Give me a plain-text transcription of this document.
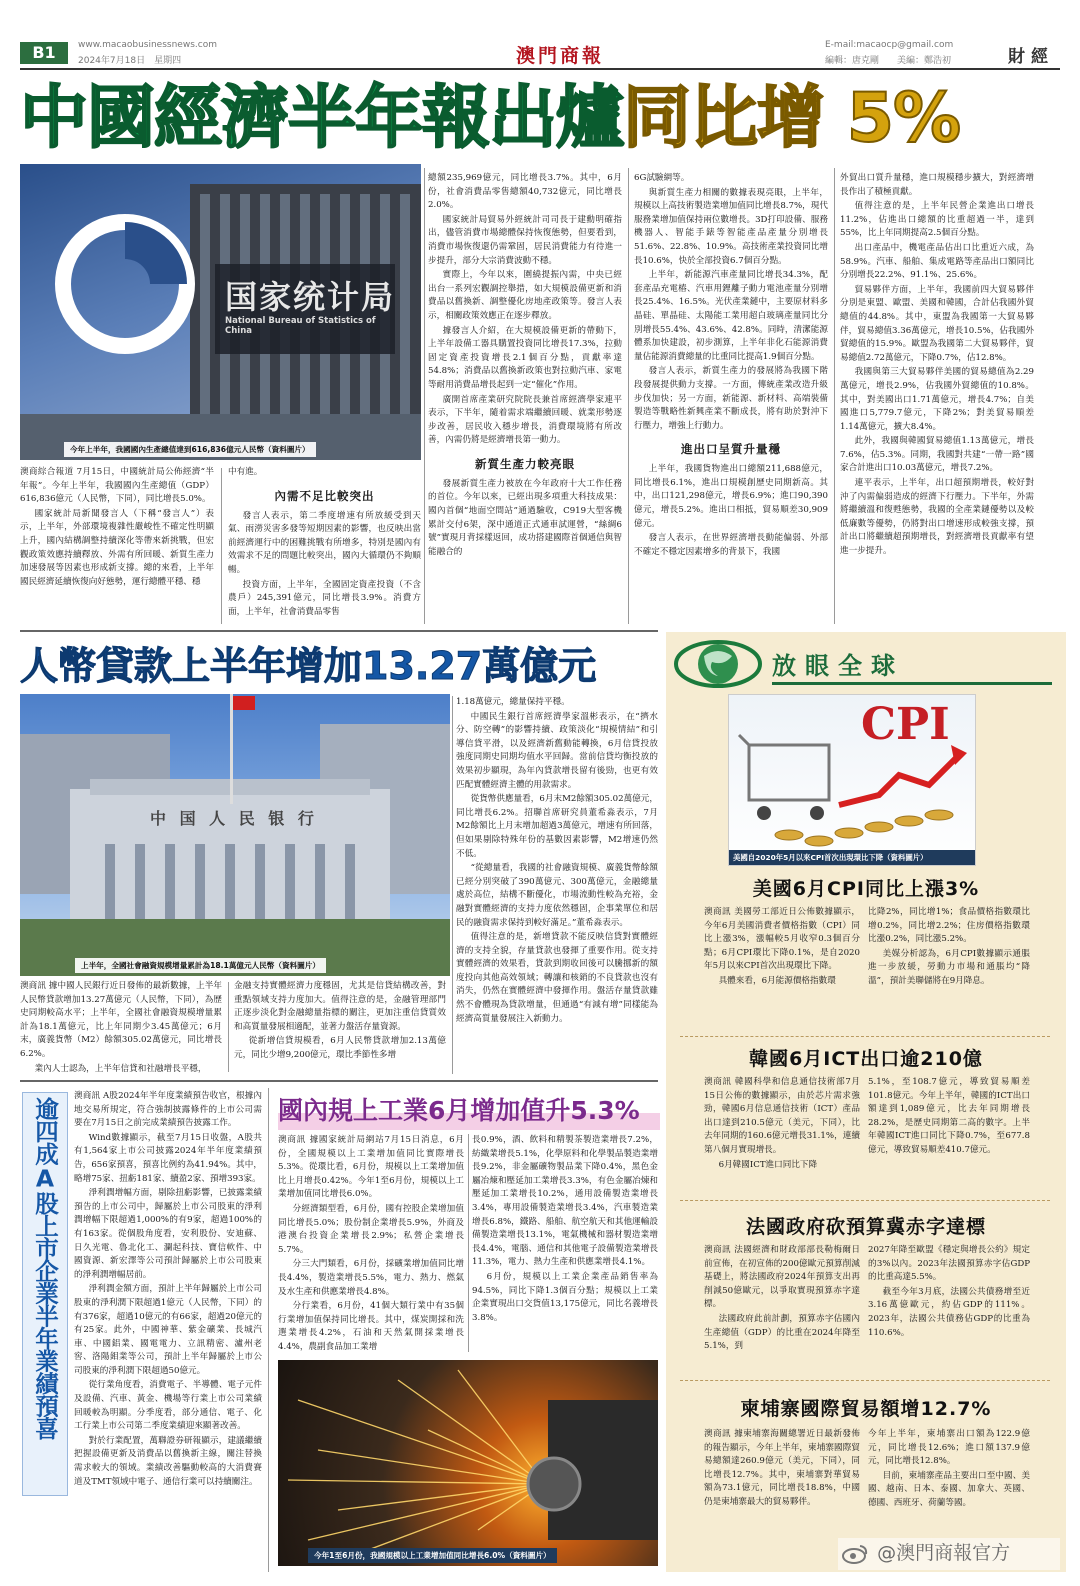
B1	www.macaobusinessnews.com
2024年7月18日　星期四	澳門商報	E-mail:macaocp@gmail.com
編輯：唐克剛　　美編：鄭浩初	財 經
中國經濟半年報出爐同比增 5%
国家统计局
National Bureau of Statistics of China
今年上半年，我國國內生產總值達到616,836億元人民幣（資料圖片）

澳商綜合報道 7月15日，中國統計局公佈經濟“半年報”。今年上半年，我國國內生產總值（GDP）616,836億元（人民幣，下同），同比增長5.0%。

國家統計局新聞發言人（下稱“發言人”）表示，上半年，外部環境複雜性嚴峻性不確定性明顯上升，國內結構調整持續深化等帶來新挑戰，但宏觀政策效應持續釋放、外需有所回暖、新質生產力加速發展等因素也形成新支撐。總的來看，上半年國民經濟延續恢復向好態勢，運行總體平穩、穩

中有進。

內需不足比較突出

發言人表示，第二季度增速有所放緩受到天氣、雨澇災害多發等短期因素的影響，也反映出當前經濟運行中的困難挑戰有所增多，特別是國內有效需求不足的問題比較突出，國內大循環仍不夠順暢。

投資方面，上半年，全國固定資產投資（不含農戶）245,391億元，同比增長3.9%。消費方面，上半年，社會消費品零售

總額235,969億元，同比增長3.7%。其中，6月份，社會消費品零售總額40,732億元，同比增長2.0%。

國家統計局貿易外經統計司司長于建勳明確指出，儘管消費市場總體保持恢復態勢，但要看到，消費市場恢復還仍需鞏固，居民消費能力有待進一步提升，部分大宗消費波動不穩。

實際上，今年以來，圍繞提振內需，中央已經出台一系列宏觀調控舉措，如大規模設備更新和消費品以舊換新、調整優化房地產政策等。發言人表示，相關政策效應正在逐步釋放。

據發言人介紹，在大規模設備更新的帶動下，上半年設備工器具購置投資同比增長17.3%，拉動固定資產投資增長2.1個百分點，貢獻率達54.8%；消費品以舊換新政策也對拉動汽車、家電等耐用消費品增長起到一定“催化”作用。

廣開首席產業研究院院長兼首席經濟學家連平表示，下半年，隨着需求端繼續回暖、就業形勢逐步改善，居民收入穩步增長，消費環境將有所改善，內需仍將是經濟增長第一動力。

新質生產力較亮眼

發展新質生產力被放在今年政府十大工作任務的首位。今年以來，已經出現多項重大科技成果：國內首個“地面空間站”通過驗收，C919大型客機累計交付6架，深中通道正式通車試運營，“絲綢6號”實現月背採樣返回，成功搭建國際首個通信與智能融合的

6G試驗網等。

與新質生產力相關的數據表現亮眼，上半年，規模以上高技術製造業增加值同比增長8.7%，現代服務業增加值保持兩位數增長。3D打印設備、服務機器人、智能手錶等智能產品產量分別增長51.6%、22.8%、10.9%。高技術產業投資同比增長10.6%，快於全部投資6.7個百分點。

上半年，新能源汽車產量同比增長34.3%，配套產品充電樁、汽車用鋰離子動力電池產量分別增長25.4%、16.5%。光伏產業鏈中，主要原材料多晶硅、單晶硅、太陽能工業用超白玻璃產量同比分別增長55.4%、43.6%、42.8%。同時，清潔能源體系加快建設，初步測算，上半年非化石能源消費量佔能源消費總量的比重同比提高1.9個百分點。

發言人表示，新質生產力的發展將為我國下階段發展提供動力支撐。一方面，傳統產業改造升級步伐加快；另一方面，新能源、新材料、高端裝備製造等戰略性新興產業不斷成長，將有助於對沖下行壓力，增強上行動力。

進出口呈質升量穩

上半年，我國貨物進出口總額211,688億元，同比增長6.1%，進出口規模創歷史同期新高。其中，出口121,298億元，增長6.9%；進口90,390億元，增長5.2%。進出口相抵，貿易順差30,909億元。

發言人表示，在世界經濟增長動能偏弱、外部不確定不穩定因素增多的背景下，我國

外貿出口質升量穩，進口規模穩步擴大，對經濟增長作出了積極貢獻。

值得注意的是，上半年民營企業進出口增長11.2%，佔進出口總額的比重超過一半，達到55%，比上年同期提高2.5個百分點。

出口產品中，機電產品佔出口比重近六成，為58.9%。汽車、船舶、集成電路等產品出口額同比分別增長22.2%、91.1%、25.6%。

貿易夥伴方面，上半年，我國前四大貿易夥伴分別是東盟、歐盟、美國和韓國，合計佔我國外貿總值的44.8%。其中，東盟為我國第一大貿易夥伴，貿易總值3.36萬億元，增長10.5%，佔我國外貿總值的15.9%。歐盟為我國第二大貿易夥伴，貿易總值2.72萬億元，下降0.7%，佔12.8%。

我國與第三大貿易夥伴美國的貿易總值為2.29萬億元，增長2.9%，佔我國外貿總值的10.8%。其中，對美國出口1.71萬億元，增長4.7%；自美國進口5,779.7億元，下降2%；對美貿易順差1.14萬億元，擴大8.4%。

此外，我國與韓國貿易總值1.13萬億元，增長7.6%，佔5.3%。同期，我國對共建“一帶一路”國家合計進出口10.03萬億元，增長7.2%。

連平表示，上半年，出口超預期增長，較好對沖了內需偏弱造成的經濟下行壓力。下半年，外需將繼續溫和復甦態勢，我國的全產業鏈優勢以及較低廉數等優勢，仍將對出口增速形成較強支撐，預計出口將繼續超預期增長，對經濟增長貢獻率有望進一步提升。

人幣貸款上半年增加13.27萬億元
中 国 人 民 银 行
上半年，全國社會融資規模增量累計為18.1萬億元人民幣（資料圖片）

澳商訊 據中國人民銀行近日發佈的最新數據，上半年人民幣貸款增加13.27萬億元（人民幣，下同），為歷史同期較高水平；上半年，全國社會融資規模增量累計為18.1萬億元，比上年同期少3.45萬億元；6月末，廣義貨幣（M2）餘額305.02萬億元，同比增長6.2%。

業內人士認為，上半年信貸和社融增長平穩，

金融支持實體經濟力度穩固，尤其是信貸結構改善，對重點領域支持力度加大。值得注意的是，金融管理部門正逐步淡化對金融總量指標的關注，更加注重信貸質效和高質量發展相適配，並著力盤活存量資源。

從新增信貸規模看，6月人民幣貸款增加2.13萬億元，同比少增9,200億元，環比季節性多增

1.18萬億元，總量保持平穩。

中國民生銀行首席經濟學家溫彬表示，在“擠水分、防空轉”的影響持續、政策淡化“規模情結”和引導信貸平滑，以及經濟新舊動能轉換，6月信貸投放強度同期史同期均值水平回歸。當前信貸均衡投放的效果初步顯現，為年內貸款增長留有後勁，也更有效匹配實體經濟主體的用款需求。

從貨幣供應量看，6月末M2餘額305.02萬億元，同比增長6.2%。招聯首席研究員董希淼表示，7月M2餘額比上月末增加超過3萬億元，增速有所回落，但如果剔除特殊年份的基數因素影響，M2增速仍然不低。

“從總量看，我國的社會融資規模、廣義貨幣餘額已經分別突破了390萬億元、300萬億元，金融總量處於高位，結構不斷優化，市場流動性較為充裕，金融對實體經濟的支持力度依然穩固，企事業單位和居民的融資需求保持到較好滿足。”董希淼表示。

值得注意的是，新增貸款不能反映信貸對實體經濟的支持全貌，存量貸款也發揮了重要作用。從支持實體經濟的效果看，貸款到期收回後可以騰挪新的額度投向其他高效領域；轉讓和核銷的不良貸款也沒有消失，仍然在實體經濟中發揮作用。盤活存量貸款雖然不會體現為貸款增量，但通過“有減有增”同樣能為經濟高質量發展注入新動力。

逾四成A股上市企業半年業績預喜

澳商訊 A股2024年半年度業績預告收官，根據內地交易所規定，符合強制披露條件的上市公司需要在7月15日之前完成業績預告披露工作。

Wind數據顯示，截至7月15日收盤，A股共有1,564家上市公司披露2024年半年度業績預告，656家預喜，預喜比例約為41.94%。其中，略增75家、扭虧181家、續盈2家、預增393家。

淨利潤增幅方面，剔除扭虧影響，已披露業績預告的上市公司中，歸屬於上市公司股東的淨利潤增幅下限超過1,000%的有9家，超過100%的有163家。從個股角度看，安利股份、安迪蘇、日久光電、魯北化工、瀾起科技、寶信軟件、中國資源、新宏澤等公司預計歸屬於上市公司股東的淨利潤增幅居前。

淨利潤金額方面，預計上半年歸屬於上市公司股東的淨利潤下限超過1億元（人民幣，下同）的有376家，超過10億元的有66家，超過20億元的有25家。此外，中國神華、紫金礦業、長城汽車、中國鋁業、國電電力、立訊精密、瀘州老窖、洛陽鉬業等公司，預計上半年歸屬於上市公司股東的淨利潤下限超過50億元。

從行業角度看，消費電子、半導體、電子元件及設備、汽車、黃金、機場等行業上市公司業績回暖較為明顯。分季度看，部分通信、電子、化工行業上市公司第二季度業績迎來顯著改善。

對於行業配置，萬聯證券研報顯示，建議繼續把握設備更新及消費品以舊換新主線，關注替換需求較大的領域。業績改善驅動較高的大消費賽道及TMT領域中電子、通信行業可以持續關注。

國內規上工業6月增加值升5.3%

澳商訊 據國家統計局網站7月15日消息，6月份，全國規模以上工業增加值同比實際增長5.3%。從環比看，6月份，規模以上工業增加值比上月增長0.42%。今年1至6月份，規模以上工業增加值同比增長6.0%。

分經濟類型看，6月份，國有控股企業增加值同比增長5.0%；股份制企業增長5.9%，外商及港澳台投資企業增長2.9%；私營企業增長5.7%。

分三大門類看，6月份，採礦業增加值同比增長4.4%，製造業增長5.5%，電力、熱力、燃氣及水生產和供應業增長4.8%。

分行業看，6月份，41個大類行業中有35個行業增加值保持同比增長。其中，煤炭開採和洗選業增長4.2%，石油和天然氣開採業增長4.4%，農副食品加工業增

長0.9%，酒、飲料和精製茶製造業增長7.2%，紡織業增長5.1%，化學原料和化學製品製造業增長9.2%，非金屬礦物製品業下降0.4%，黑色金屬冶煉和壓延加工業增長3.3%，有色金屬冶煉和壓延加工業增長10.2%，通用設備製造業增長3.4%，專用設備製造業增長3.4%，汽車製造業增長6.8%，鐵路、船舶、航空航天和其他運輸設備製造業增長13.1%，電氣機械和器材製造業增長4.4%，電腦、通信和其他電子設備製造業增長11.3%，電力、熱力生產和供應業增長4.1%。

6月份，規模以上工業企業產品銷售率為94.5%，同比下降1.3個百分點；規模以上工業企業實現出口交貨值13,175億元，同比名義增長3.8%。

今年1至6月份，我國規模以上工業增加值同比增長6.0%（資料圖片）
放眼全球
CPI
美國自2020年5月以來CPI首次出現環比下降（資料圖片）
美國6月CPI同比上漲3%

澳商訊 美國勞工部近日公佈數據顯示，今年6月美國消費者價格指數（CPI）同比上漲3%，漲幅較5月收窄0.3個百分點；6月CPI環比下降0.1%，是自2020年5月以來CPI首次出現環比下降。

具體來看，6月能源價格指數環

比降2%，同比增1%；食品價格指數環比增0.2%，同比增2.2%；住房價格指數環比漲0.2%，同比漲5.2%。

美媒分析認為，6月CPI數據顯示通脹進一步放緩，勞動力市場和通脹均“降溫”，預計美聯儲將在9月降息。

韓國6月ICT出口逾210億

澳商訊 韓國科學和信息通信技術部7月15日公佈的數據顯示，由於芯片需求強勁，韓國6月信息通信技術（ICT）產品出口達到210.5億元（美元，下同），比去年同期的160.6億元增長31.1%，連續第八個月實現增長。

6月韓國ICT進口同比下降

5.1%，至108.7億元，導致貿易順差101.8億元。今年上半年，韓國的ICT出口額達到1,089億元，比去年同期增長28.2%，是歷史同期第二高的數字。上半年韓國ICT進口同比下降0.7%，至677.8億元，導致貿易順差410.7億元。

法國政府砍預算冀赤字達標

澳商訊 法國經濟和財政部部長勒梅爾日前宣佈，在初宣佈的200億歐元預算削減基礎上，將法國政府2024年預算支出再削減50億歐元，以爭取實現預算赤字達標。

法國政府此前計劃，預算赤字佔國內生產總值（GDP）的比重在2024年降至5.1%，到

2027年降至歐盟《穩定與增長公約》規定的3%以內。2023年法國預算赤字佔GDP的比重高達5.5%。

截至今年3月底，法國公共債務增至近3.16萬億歐元，約佔GDP的111%。2023年，法國公共債務佔GDP的比重為110.6%。

柬埔寨國際貿易額增12.7%

澳商訊 據柬埔寨海關總署近日最新發佈的報告顯示，今年上半年，柬埔寨國際貿易總額達260.9億元（美元，下同），同比增長12.7%。其中，柬埔寨對華貿易額為73.1億元，同比增長18.8%，中國仍是柬埔寨最大的貿易夥伴。

今年上半年，柬埔寨出口額為122.9億元，同比增長12.6%；進口額137.9億元，同比增長12.8%。

目前，柬埔寨產品主要出口至中國、美國、越南、日本、泰國、加拿大、英國、德國、西班牙、荷蘭等國。

@澳門商報官方
